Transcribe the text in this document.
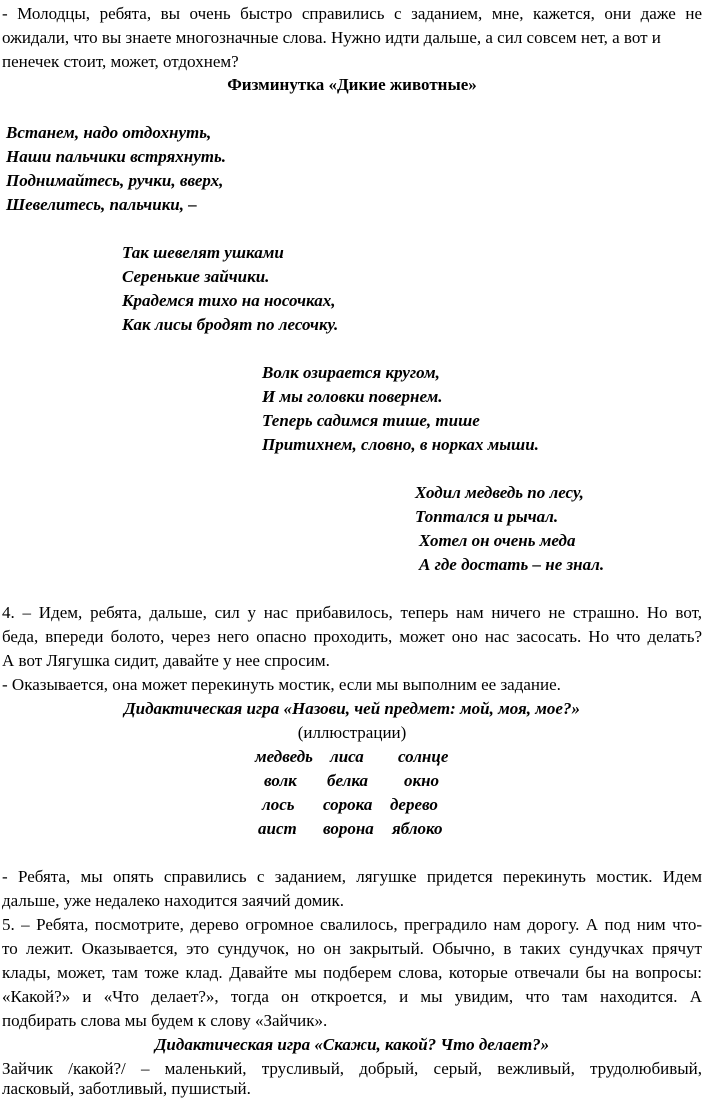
- Молодцы, ребята, вы очень быстро справились с заданием, мне, кажется, они даже не
ожидали, что вы знаете многозначные слова. Нужно идти дальше, а сил совсем нет, а вот и
пенечек стоит, может, отдохнем?
Физминутка «Дикие животные»
Встанем, надо отдохнуть,
Наши пальчики встряхнуть.
Поднимайтесь, ручки, вверх,
Шевелитесь, пальчики, –
Так шевелят ушками
Серенькие зайчики.
Крадемся тихо на носочках,
Как лисы бродят по лесочку.
Волк озирается кругом,
И мы головки повернем.
Теперь садимся тише, тише
Притихнем, словно, в норках мыши.
Ходил медведь по лесу,
Топтался и рычал.
Хотел он очень меда
А где достать – не знал.
4. – Идем, ребята, дальше, сил у нас прибавилось, теперь нам ничего не страшно. Но вот,
беда, впереди болото, через него опасно проходить, может оно нас засосать. Но что делать?
А вот Лягушка сидит, давайте у нее спросим.
- Оказывается, она может перекинуть мостик, если мы выполним ее задание.
Дидактическая игра «Назови, чей предмет: мой, моя, мое?»
(иллюстрации)
медведь лиса солнце
волк белка окно
лось сорока дерево
аист ворона яблоко
- Ребята, мы опять справились с заданием, лягушке придется перекинуть мостик. Идем
дальше, уже недалеко находится заячий домик.
5. – Ребята, посмотрите, дерево огромное свалилось, преградило нам дорогу. А под ним что-
то лежит. Оказывается, это сундучок, но он закрытый. Обычно, в таких сундучках прячут
клады, может, там тоже клад. Давайте мы подберем слова, которые отвечали бы на вопросы:
«Какой?» и «Что делает?», тогда он откроется, и мы увидим, что там находится. А
подбирать слова мы будем к слову «Зайчик».
Дидактическая игра «Скажи, какой? Что делает?»
Зайчик /какой?/ – маленький, трусливый, добрый, серый, вежливый, трудолюбивый,
ласковый, заботливый, пушистый.
